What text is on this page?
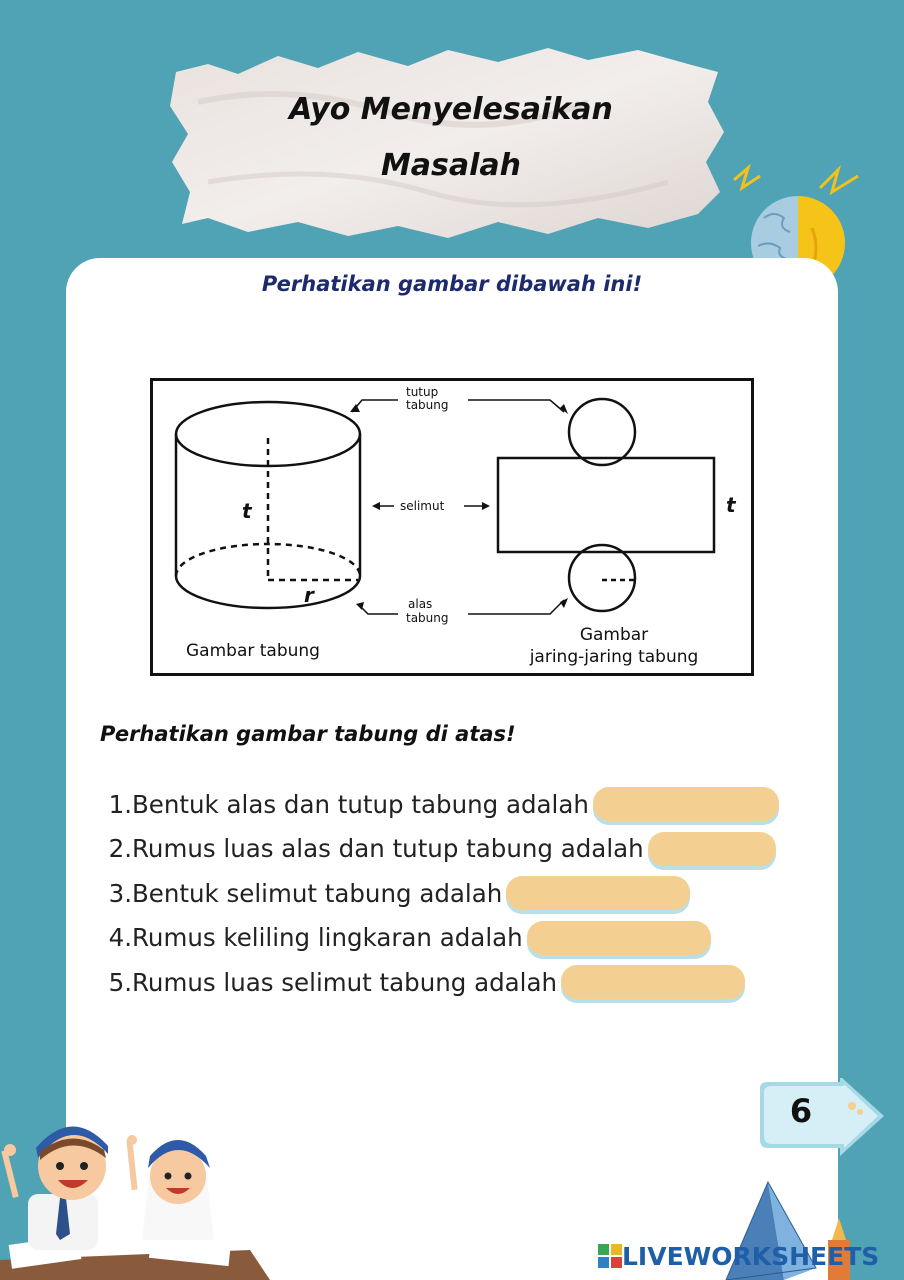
Ayo Menyelesaikan
Masalah
Perhatikan gambar dibawah ini!
t
r
Gambar tabung
t
Gambar
jaring-jaring tabung
tutup
tabung
selimut
alas
tabung
Perhatikan gambar tabung di atas!
1. Bentuk alas dan tutup tabung adalah
2. Rumus luas alas dan tutup tabung adalah
3. Bentuk selimut tabung adalah
4. Rumus keliling lingkaran adalah
5. Rumus luas selimut tabung adalah
6
LIVEWORKSHEETS
